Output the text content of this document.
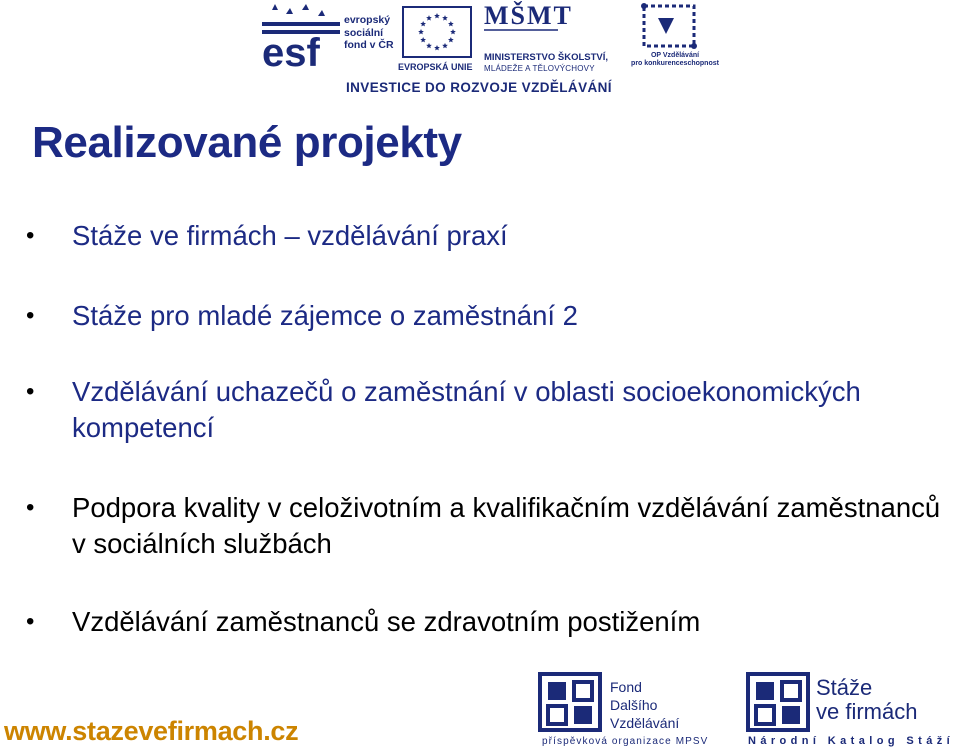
esf
evropský
sociální
fond v ČR
EVROPSKÁ UNIE
MŠMT
MINISTERSTVO ŠKOLSTVÍ,
MLÁDEŽE A TĚLOVÝCHOVY
OP Vzdělávání
pro konkurenceschopnost
INVESTICE DO ROZVOJE VZDĚLÁVÁNÍ
Realizované projekty
• Stáže ve firmách – vzdělávání praxí
• Stáže pro mladé zájemce o zaměstnání 2
• Vzdělávání uchazečů o zaměstnání v oblasti socioekonomických kompetencí
• Podpora kvality v celoživotním a kvalifikačním vzdělávání zaměstnanců v sociálních službách
• Vzdělávání zaměstnanců se zdravotním postižením
www.stazevefirmach.cz
Fond
Dalšího
Vzdělávání
příspěvková organizace MPSV
Stáže
ve firmách
Národní Katalog Stáží
